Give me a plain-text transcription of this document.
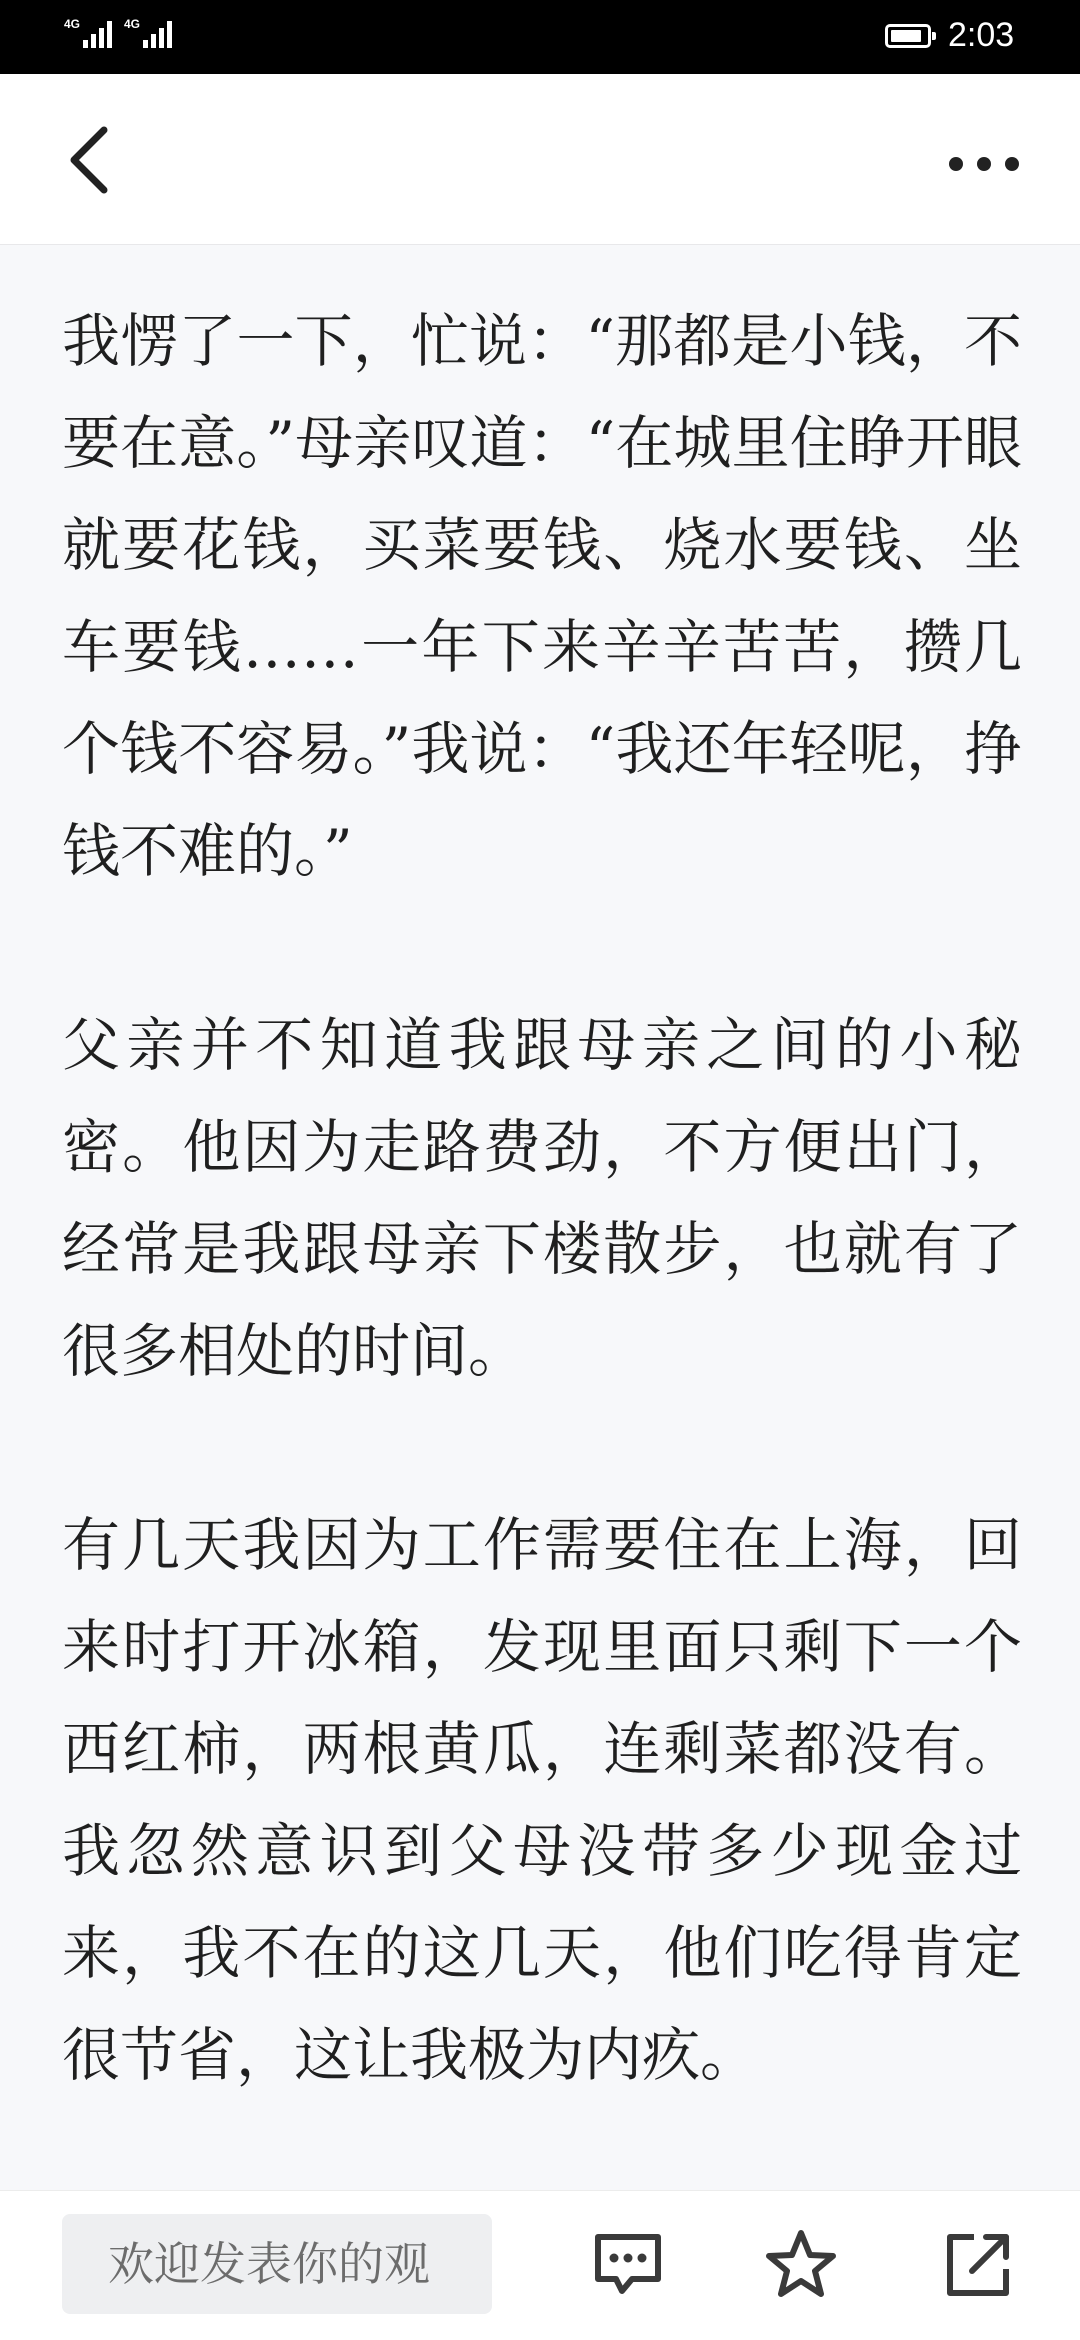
4G	4G	2:03

我愣了一下，忙说：“那都是小钱，不要在意。”母亲叹道：“在城里住睁开眼就要花钱，买菜要钱、烧水要钱、坐车要钱……一年下来辛辛苦苦，攒几个钱不容易。”我说：“我还年轻呢，挣钱不难的。”

父亲并不知道我跟母亲之间的小秘密。他因为走路费劲，不方便出门，经常是我跟母亲下楼散步，也就有了很多相处的时间。

有几天我因为工作需要住在上海，回来时打开冰箱，发现里面只剩下一个西红柿，两根黄瓜，连剩菜都没有。我忽然意识到父母没带多少现金过来，我不在的这几天，他们吃得肯定很节省，这让我极为内疚。

欢迎发表你的观
